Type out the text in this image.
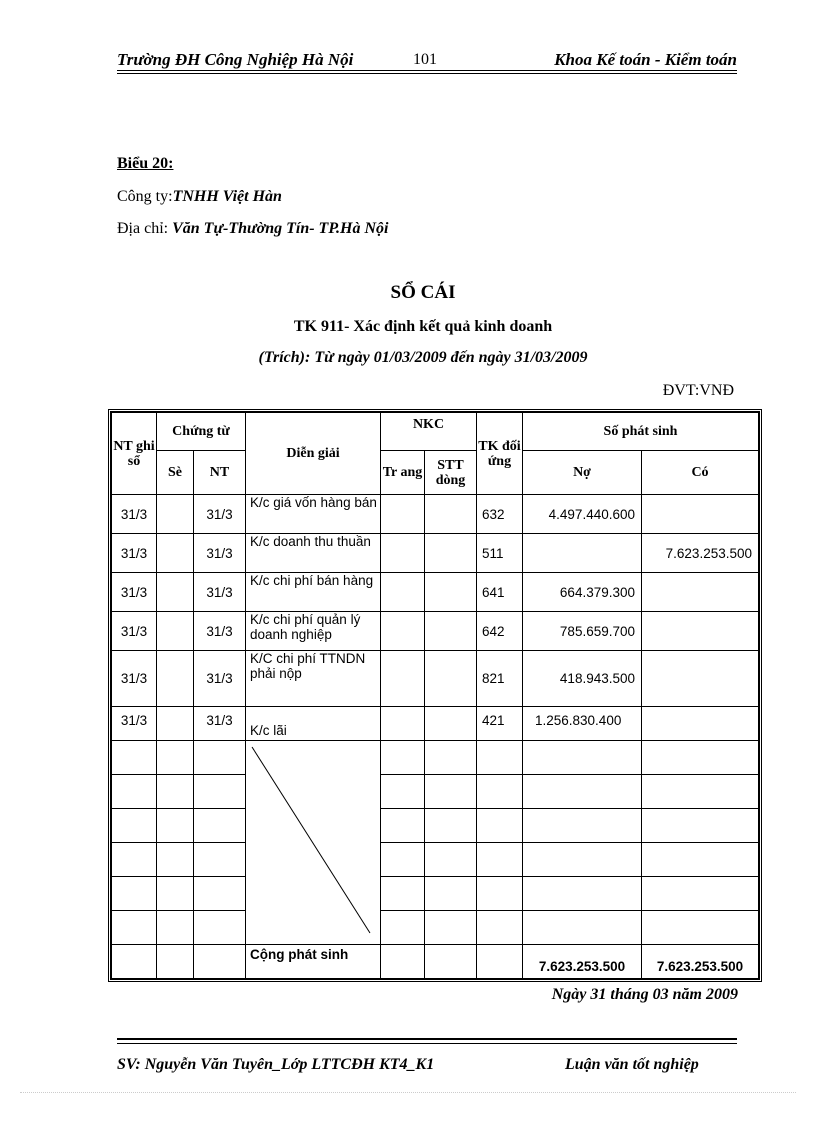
Trường ĐH Công Nghiệp Hà Nội	101	Khoa Kế toán - Kiểm toán
Biểu 20:
Công ty:TNHH Việt Hàn
Địa chỉ: Văn Tự-Thường Tín- TP.Hà Nội
SỔ CÁI
TK 911- Xác định kết quả kinh doanh
(Trích): Từ ngày 01/03/2009 đến ngày 31/03/2009
ĐVT:VNĐ
NT ghi sổ	Chứng từ		Diễn giải	NKC		TK đối ứng	Số phát sinh	
	Sè	NT		Tr ang	STT dòng		Nợ	Có
31/3		31/3	K/c giá vốn hàng bán			632	4.497.440.600	
31/3		31/3	K/c doanh thu thuần			511		7.623.253.500
31/3		31/3	K/c chi phí bán hàng			641	664.379.300	
31/3		31/3	K/c chi phí quản lý doanh nghiệp			642	785.659.700	
31/3		31/3	K/C chi phí TTNDN phải nộp			821	418.943.500	
31/3		31/3	K/c lãi			421	1.256.830.400	

			Cộng phát sinh				7.623.253.500	7.623.253.500
Ngày 31 tháng 03 năm 2009
SV: Nguyễn Văn Tuyên_Lớp LTTCĐH KT4_K1	Luận văn tốt nghiệp
